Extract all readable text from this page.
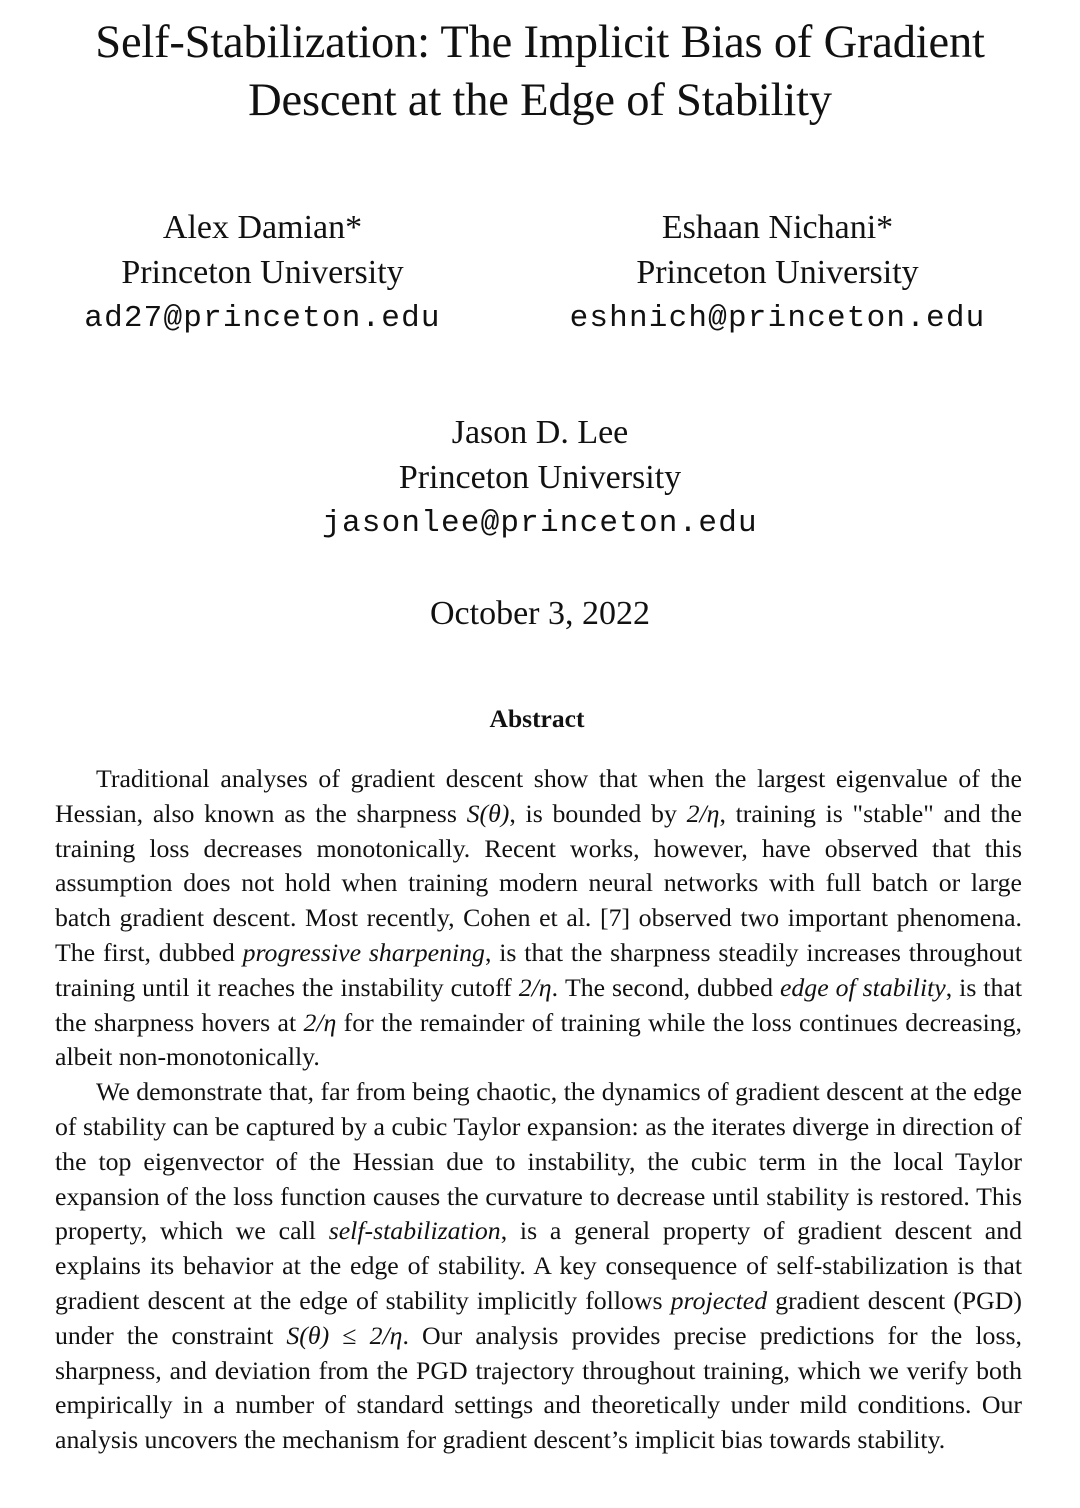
Self-Stabilization: The Implicit Bias of Gradient
Descent at the Edge of Stability
Alex Damian*
Princeton University
ad27@princeton.edu
Eshaan Nichani*
Princeton University
eshnich@princeton.edu
Jason D. Lee
Princeton University
jasonlee@princeton.edu
October 3, 2022
Abstract

Traditional analyses of gradient descent show that when the largest eigenvalue of the Hessian, also known as the sharpness S(θ), is bounded by 2/η, training is "stable" and the training loss decreases monotonically. Recent works, however, have observed that this assumption does not hold when training modern neural networks with full batch or large batch gradient descent. Most recently, Cohen et al. [7] observed two important phenomena. The first, dubbed progressive sharpening, is that the sharpness steadily increases throughout training until it reaches the instability cutoff 2/η. The second, dubbed edge of stability, is that the sharpness hovers at 2/η for the remainder of training while the loss continues decreasing, albeit non-monotonically.

We demonstrate that, far from being chaotic, the dynamics of gradient descent at the edge of stability can be captured by a cubic Taylor expansion: as the iterates diverge in direction of the top eigenvector of the Hessian due to instability, the cubic term in the local Taylor expansion of the loss function causes the curvature to decrease until stability is restored. This property, which we call self-stabilization, is a general property of gradient descent and explains its behavior at the edge of stability. A key consequence of self-stabilization is that gradient descent at the edge of stability implicitly follows projected gradient descent (PGD) under the constraint S(θ) ≤ 2/η. Our analysis provides precise predictions for the loss, sharpness, and deviation from the PGD trajectory throughout training, which we verify both empirically in a number of standard settings and theoretically under mild conditions. Our analysis uncovers the mechanism for gradient descent’s implicit bias towards stability.
